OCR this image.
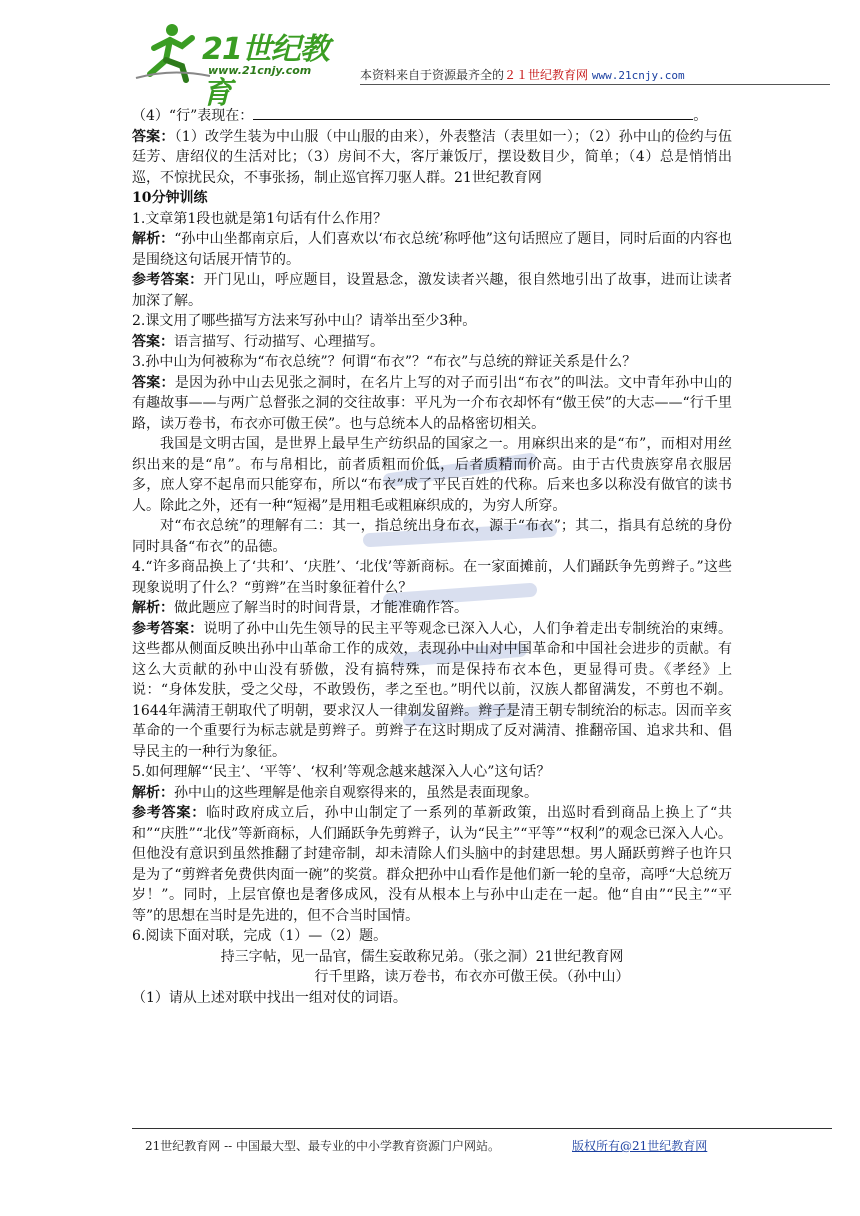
21世纪教育
www.21cnjy.com	本资料来自于资源最齐全的２１世纪教育网 www.21cnjy.com

（4）“行”表现在：	。

答案：（1）改学生装为中山服（中山服的由来），外表整洁（表里如一）；（2）孙中山的俭约与伍廷芳、唐绍仪的生活对比；（3）房间不大，客厅兼饭厅，摆设数目少，简单；（4）总是悄悄出巡，不惊扰民众，不事张扬，制止巡官挥刀驱人群。21世纪教育网

10分钟训练

1.文章第1段也就是第1句话有什么作用？

解析：“孙中山坐都南京后，人们喜欢以‘布衣总统’称呼他”这句话照应了题目，同时后面的内容也是围绕这句话展开情节的。

参考答案：开门见山，呼应题目，设置悬念，激发读者兴趣，很自然地引出了故事，进而让读者加深了解。

2.课文用了哪些描写方法来写孙中山？请举出至少3种。

答案：语言描写、行动描写、心理描写。

3.孙中山为何被称为“布衣总统”？何谓“布衣”？“布衣”与总统的辩证关系是什么？

答案：是因为孙中山去见张之洞时，在名片上写的对子而引出“布衣”的叫法。文中青年孙中山的有趣故事——与两广总督张之洞的交往故事：平凡为一介布衣却怀有“傲王侯”的大志——“行千里路，读万卷书，布衣亦可傲王侯”。也与总统本人的品格密切相关。

我国是文明古国，是世界上最早生产纺织品的国家之一。用麻织出来的是“布”，而相对用丝织出来的是“帛”。布与帛相比，前者质粗而价低，后者质精而价高。由于古代贵族穿帛衣服居多，庶人穿不起帛而只能穿布，所以“布衣”成了平民百姓的代称。后来也多以称没有做官的读书人。除此之外，还有一种“短褐”是用粗毛或粗麻织成的，为穷人所穿。

对“布衣总统”的理解有二：其一，指总统出身布衣，源于“布衣”；其二，指具有总统的身份同时具备“布衣”的品德。

4.“许多商品换上了‘共和’、‘庆胜’、‘北伐’等新商标。在一家面摊前，人们踊跃争先剪辫子。”这些现象说明了什么？“剪辫”在当时象征着什么？

解析：做此题应了解当时的时间背景，才能准确作答。

参考答案：说明了孙中山先生领导的民主平等观念已深入人心，人们争着走出专制统治的束缚。这些都从侧面反映出孙中山革命工作的成效，表现孙中山对中国革命和中国社会进步的贡献。有这么大贡献的孙中山没有骄傲，没有搞特殊，而是保持布衣本色，更显得可贵。《孝经》上说：“身体发肤，受之父母，不敢毁伤，孝之至也。”明代以前，汉族人都留满发，不剪也不剃。1644年满清王朝取代了明朝，要求汉人一律剃发留辫。辫子是清王朝专制统治的标志。因而辛亥革命的一个重要行为标志就是剪辫子。剪辫子在这时期成了反对满清、推翻帝国、追求共和、倡导民主的一种行为象征。

5.如何理解“‘民主’、‘平等’、‘权利’等观念越来越深入人心”这句话？

解析：孙中山的这些理解是他亲自观察得来的，虽然是表面现象。

参考答案：临时政府成立后，孙中山制定了一系列的革新政策，出巡时看到商品上换上了“共和”“庆胜”“北伐”等新商标，人们踊跃争先剪辫子，认为“民主”“平等”“权利”的观念已深入人心。但他没有意识到虽然推翻了封建帝制，却未清除人们头脑中的封建思想。男人踊跃剪辫子也许只是为了“剪辫者免费供肉面一碗”的奖赏。群众把孙中山看作是他们新一轮的皇帝，高呼“大总统万岁！”。同时，上层官僚也是奢侈成风，没有从根本上与孙中山走在一起。他“自由”“民主”“平等”的思想在当时是先进的，但不合当时国情。

6.阅读下面对联，完成（1）—（2）题。

持三字帖，见一品官，儒生妄敢称兄弟。（张之洞）21世纪教育网

行千里路，读万卷书，布衣亦可傲王侯。（孙中山）

（1）请从上述对联中找出一组对仗的词语。

21世纪教育网 -- 中国最大型、最专业的中小学教育资源门户网站。	版权所有@21世纪教育网
